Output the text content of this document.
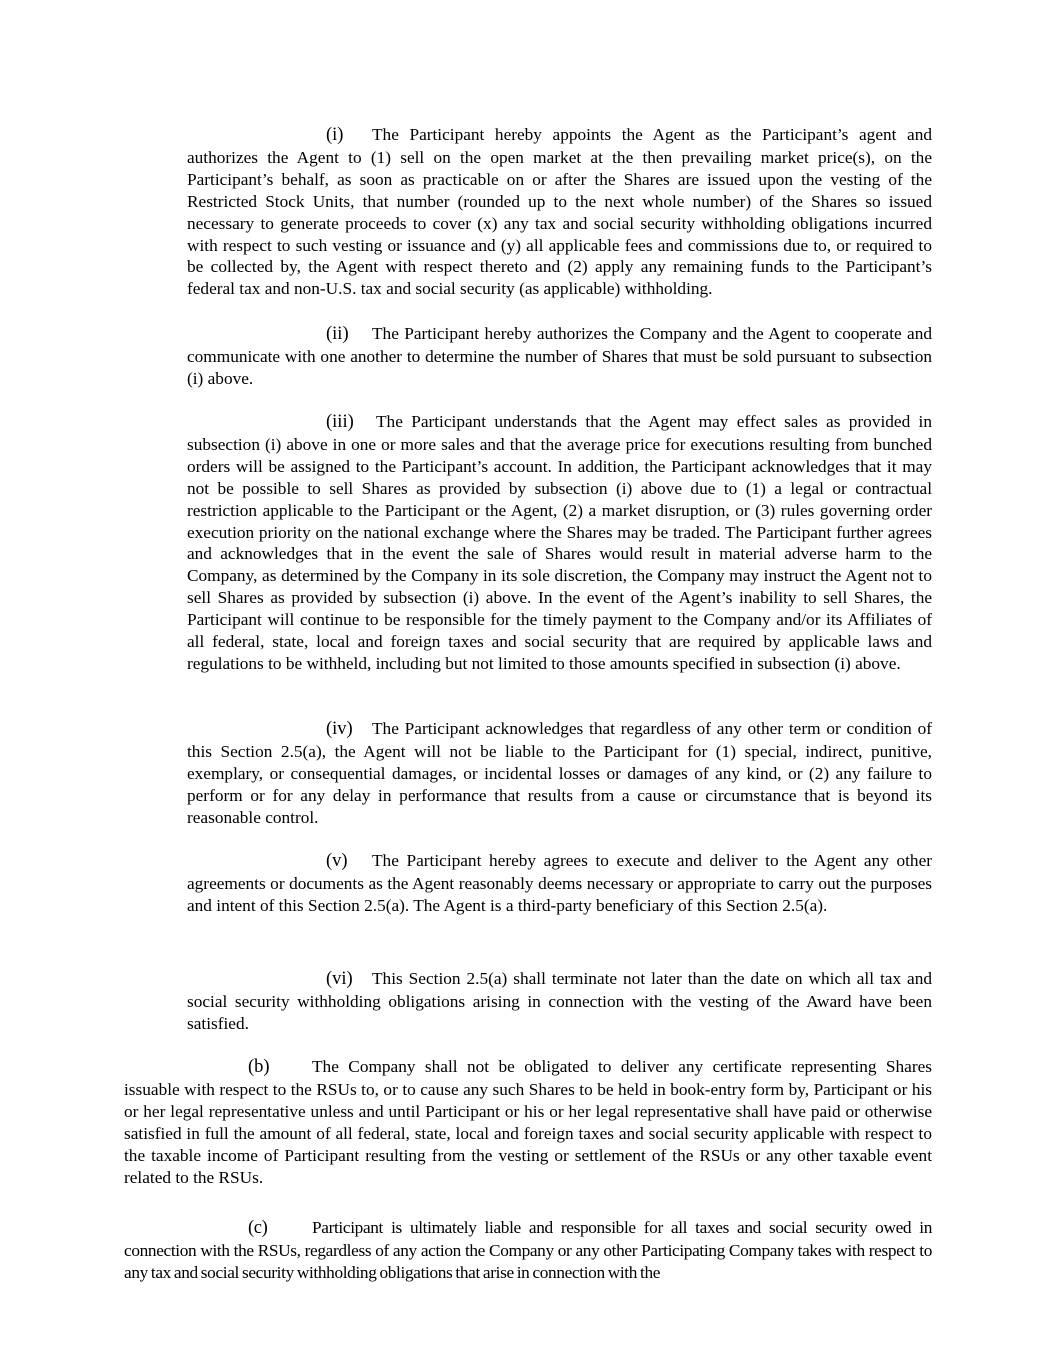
(i) The Participant hereby appoints the Agent as the Participant’s agent and authorizes the Agent to (1) sell on the open market at the then prevailing market price(s), on the Participant’s behalf, as soon as practicable on or after the Shares are issued upon the vesting of the Restricted Stock Units, that number (rounded up to the next whole number) of the Shares so issued necessary to generate proceeds to cover (x) any tax and social security withholding obligations incurred with respect to such vesting or issuance and (y) all applicable fees and commissions due to, or required to be collected by, the Agent with respect thereto and (2) apply any remaining funds to the Participant’s federal tax and non-U.S. tax and social security (as applicable) withholding.

(ii) The Participant hereby authorizes the Company and the Agent to cooperate and communicate with one another to determine the number of Shares that must be sold pursuant to subsection (i) above.

(iii) The Participant understands that the Agent may effect sales as provided in subsection (i) above in one or more sales and that the average price for executions resulting from bunched orders will be assigned to the Participant’s account. In addition, the Participant acknowledges that it may not be possible to sell Shares as provided by subsection (i) above due to (1) a legal or contractual restriction applicable to the Participant or the Agent, (2) a market disruption, or (3) rules governing order execution priority on the national exchange where the Shares may be traded. The Participant further agrees and acknowledges that in the event the sale of Shares would result in material adverse harm to the Company, as determined by the Company in its sole discretion, the Company may instruct the Agent not to sell Shares as provided by subsection (i) above. In the event of the Agent’s inability to sell Shares, the Participant will continue to be responsible for the timely payment to the Company and/or its Affiliates of all federal, state, local and foreign taxes and social security that are required by applicable laws and regulations to be withheld, including but not limited to those amounts specified in subsection (i) above.

(iv) The Participant acknowledges that regardless of any other term or condition of this Section 2.5(a), the Agent will not be liable to the Participant for (1) special, indirect, punitive, exemplary, or consequential damages, or incidental losses or damages of any kind, or (2) any failure to perform or for any delay in performance that results from a cause or circumstance that is beyond its reasonable control.

(v) The Participant hereby agrees to execute and deliver to the Agent any other agreements or documents as the Agent reasonably deems necessary or appropriate to carry out the purposes and intent of this Section 2.5(a). The Agent is a third-party beneficiary of this Section 2.5(a).

(vi) This Section 2.5(a) shall terminate not later than the date on which all tax and social security withholding obligations arising in connection with the vesting of the Award have been satisfied.

(b) The Company shall not be obligated to deliver any certificate representing Shares issuable with respect to the RSUs to, or to cause any such Shares to be held in book-entry form by, Participant or his or her legal representative unless and until Participant or his or her legal representative shall have paid or otherwise satisfied in full the amount of all federal, state, local and foreign taxes and social security applicable with respect to the taxable income of Participant resulting from the vesting or settlement of the RSUs or any other taxable event related to the RSUs.

(c)	Participant is ultimately liable and responsible for all taxes and social security owed in connection with the RSUs, regardless of any action the Company or any other Participating Company takes with respect to any tax and social security withholding obligations that arise in connection with the
